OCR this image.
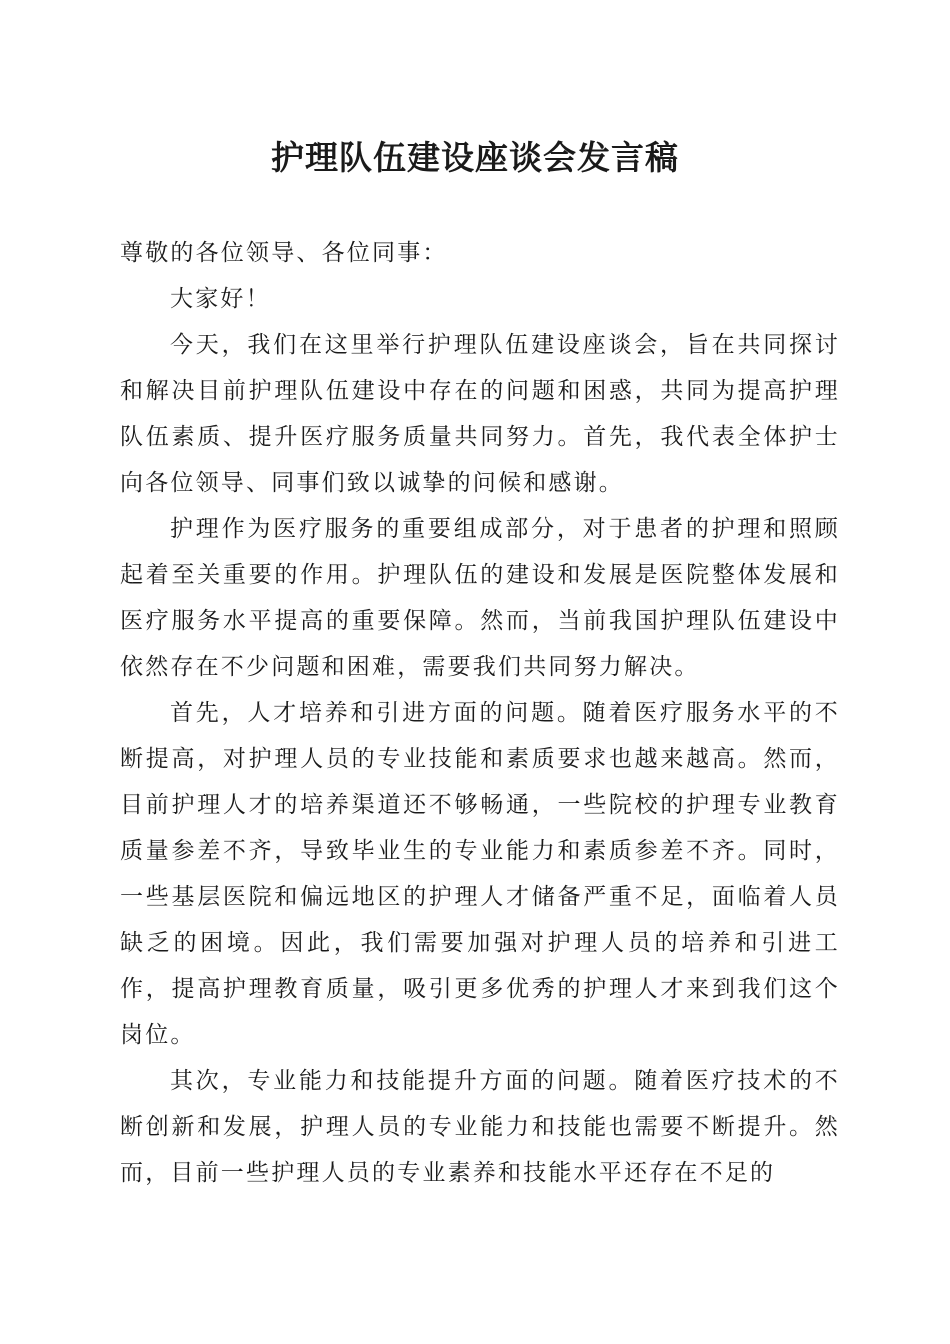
护理队伍建设座谈会发言稿

尊敬的各位领导、各位同事：

大家好！

今天，我们在这里举行护理队伍建设座谈会，旨在共同探讨和解决目前护理队伍建设中存在的问题和困惑，共同为提高护理队伍素质、提升医疗服务质量共同努力。首先，我代表全体护士向各位领导、同事们致以诚挚的问候和感谢。

护理作为医疗服务的重要组成部分，对于患者的护理和照顾起着至关重要的作用。护理队伍的建设和发展是医院整体发展和医疗服务水平提高的重要保障。然而，当前我国护理队伍建设中依然存在不少问题和困难，需要我们共同努力解决。

首先，人才培养和引进方面的问题。随着医疗服务水平的不断提高，对护理人员的专业技能和素质要求也越来越高。然而，目前护理人才的培养渠道还不够畅通，一些院校的护理专业教育质量参差不齐，导致毕业生的专业能力和素质参差不齐。同时，一些基层医院和偏远地区的护理人才储备严重不足，面临着人员缺乏的困境。因此，我们需要加强对护理人员的培养和引进工作，提高护理教育质量，吸引更多优秀的护理人才来到我们这个岗位。

其次，专业能力和技能提升方面的问题。随着医疗技术的不断创新和发展，护理人员的专业能力和技能也需要不断提升。然而，目前一些护理人员的专业素养和技能水平还存在不足的
